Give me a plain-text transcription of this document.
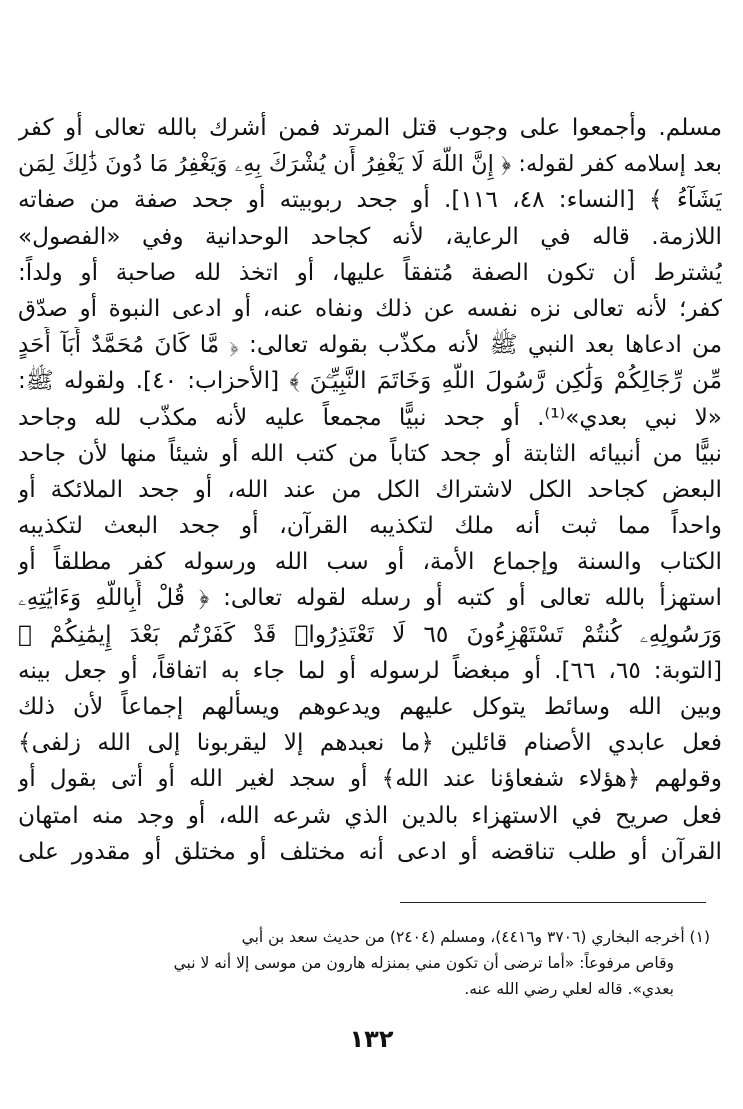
مسلم. وأجمعوا على وجوب قتل المرتد فمن أشرك بالله تعالى أو كفر
بعد إسلامه كفر لقوله: ﴿ إِنَّ اللَّهَ لَا يَغْفِرُ أَن يُشْرَكَ بِهِۦ وَيَغْفِرُ مَا دُونَ ذَٰلِكَ لِمَن
يَشَآءُ ﴾ [النساء: ٤٨، ١١٦]. أو جحد ربوبيته أو جحد صفة من صفاته
اللازمة. قاله في الرعاية، لأنه كجاحد الوحدانية وفي «الفصول»
يُشترط أن تكون الصفة مُتفقاً عليها، أو اتخذ لله صاحبة أو ولداً:
كفر؛ لأنه تعالى نزه نفسه عن ذلك ونفاه عنه، أو ادعى النبوة أو صدّق
من ادعاها بعد النبي ﷺ لأنه مكذّب بقوله تعالى: ﴿ مَّا كَانَ مُحَمَّدٌ أَبَآ أَحَدٍ
مِّن رِّجَالِكُمْ وَلَٰكِن رَّسُولَ اللَّهِ وَخَاتَمَ النَّبِيِّـۧنَ ﴾ [الأحزاب: ٤٠]. ولقوله ﷺ:
«لا نبي بعدي»⁽¹⁾. أو جحد نبيًّا مجمعاً عليه لأنه مكذّب لله وجاحد
نبيًّا من أنبيائه الثابتة أو جحد كتاباً من كتب الله أو شيئاً منها لأن جاحد
البعض كجاحد الكل لاشتراك الكل من عند الله، أو جحد الملائكة أو
واحداً مما ثبت أنه ملك لتكذيبه القرآن، أو جحد البعث لتكذيبه
الكتاب والسنة وإجماع الأمة، أو سب الله ورسوله كفر مطلقاً أو
استهزأ بالله تعالى أو كتبه أو رسله لقوله تعالى: ﴿ قُلْ أَبِاللَّهِ وَءَايَٰتِهِۦ
وَرَسُولِهِۦ كُنتُمْ تَسْتَهْزِءُونَ ٦٥ لَا تَعْتَذِرُوا۟ قَدْ كَفَرْتُم بَعْدَ إِيمَٰنِكُمْ ﴾
[التوبة: ٦٥، ٦٦]. أو مبغضاً لرسوله أو لما جاء به اتفاقاً، أو جعل بينه
وبين الله وسائط يتوكل عليهم ويدعوهم ويسألهم إجماعاً لأن ذلك
فعل عابدي الأصنام قائلين ﴿ما نعبدهم إلا ليقربونا إلى الله زلفى﴾
وقولهم ﴿هؤلاء شفعاؤنا عند الله﴾ أو سجد لغير الله أو أتى بقول أو
فعل صريح في الاستهزاء بالدين الذي شرعه الله، أو وجد منه امتهان
القرآن أو طلب تناقضه أو ادعى أنه مختلف أو مختلق أو مقدور على
(١) أخرجه البخاري (٣٧٠٦ و٤٤١٦)، ومسلم (٢٤٠٤) من حديث سعد بن أبي
وقاص مرفوعاً: «أما ترضى أن تكون مني بمنزله هارون من موسى إلا أنه لا نبي
بعدي». قاله لعلي رضي الله عنه.
١٣٢
